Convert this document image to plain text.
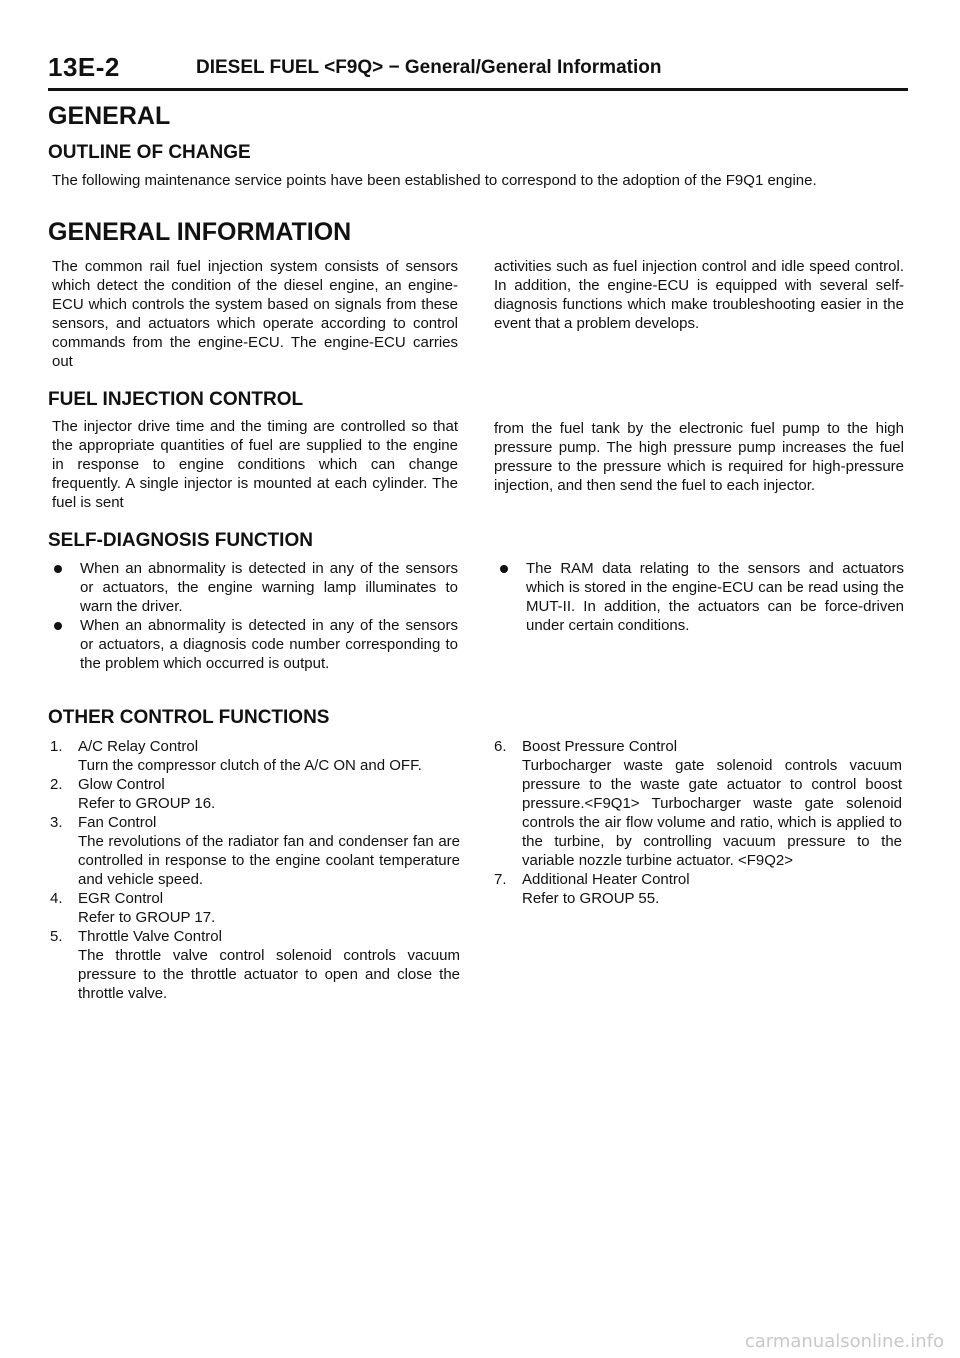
13E-2	DIESEL FUEL <F9Q> − General/General Information
GENERAL
OUTLINE OF CHANGE

The following maintenance service points have been established to correspond to the adoption of the F9Q1 engine.

GENERAL INFORMATION

The common rail fuel injection system consists of sensors which detect the condition of the diesel engine, an engine-ECU which controls the system based on signals from these sensors, and actuators which operate according to control commands from the engine-ECU. The engine-ECU carries out

activities such as fuel injection control and idle speed control. In addition, the engine-ECU is equipped with several self-diagnosis functions which make troubleshooting easier in the event that a problem develops.

FUEL INJECTION CONTROL

The injector drive time and the timing are controlled so that the appropriate quantities of fuel are supplied to the engine in response to engine conditions which can change frequently. A single injector is mounted at each cylinder. The fuel is sent

from the fuel tank by the electronic fuel pump to the high pressure pump. The high pressure pump increases the fuel pressure to the pressure which is required for high-pressure injection, and then send the fuel to each injector.

SELF-DIAGNOSIS FUNCTION
When an abnormality is detected in any of the sensors or actuators, the engine warning lamp illuminates to warn the driver.
When an abnormality is detected in any of the sensors or actuators, a diagnosis code number corresponding to the problem which occurred is output.
The RAM data relating to the sensors and actuators which is stored in the engine-ECU can be read using the MUT-II. In addition, the actuators can be force-driven under certain conditions.
OTHER CONTROL FUNCTIONS
1. A/C Relay Control
Turn the compressor clutch of the A/C ON and OFF.
2. Glow Control
Refer to GROUP 16.
3. Fan Control
The revolutions of the radiator fan and condenser fan are controlled in response to the engine coolant temperature and vehicle speed.
4. EGR Control
Refer to GROUP 17.
5. Throttle Valve Control
The throttle valve control solenoid controls vacuum pressure to the throttle actuator to open and close the throttle valve.
6. Boost Pressure Control
Turbocharger waste gate solenoid controls vacuum pressure to the waste gate actuator to control boost pressure.<F9Q1> Turbocharger waste gate solenoid controls the air flow volume and ratio, which is applied to the turbine, by controlling vacuum pressure to the variable nozzle turbine actuator. <F9Q2>
7. Additional Heater Control
Refer to GROUP 55.
carmanualsonline.info
